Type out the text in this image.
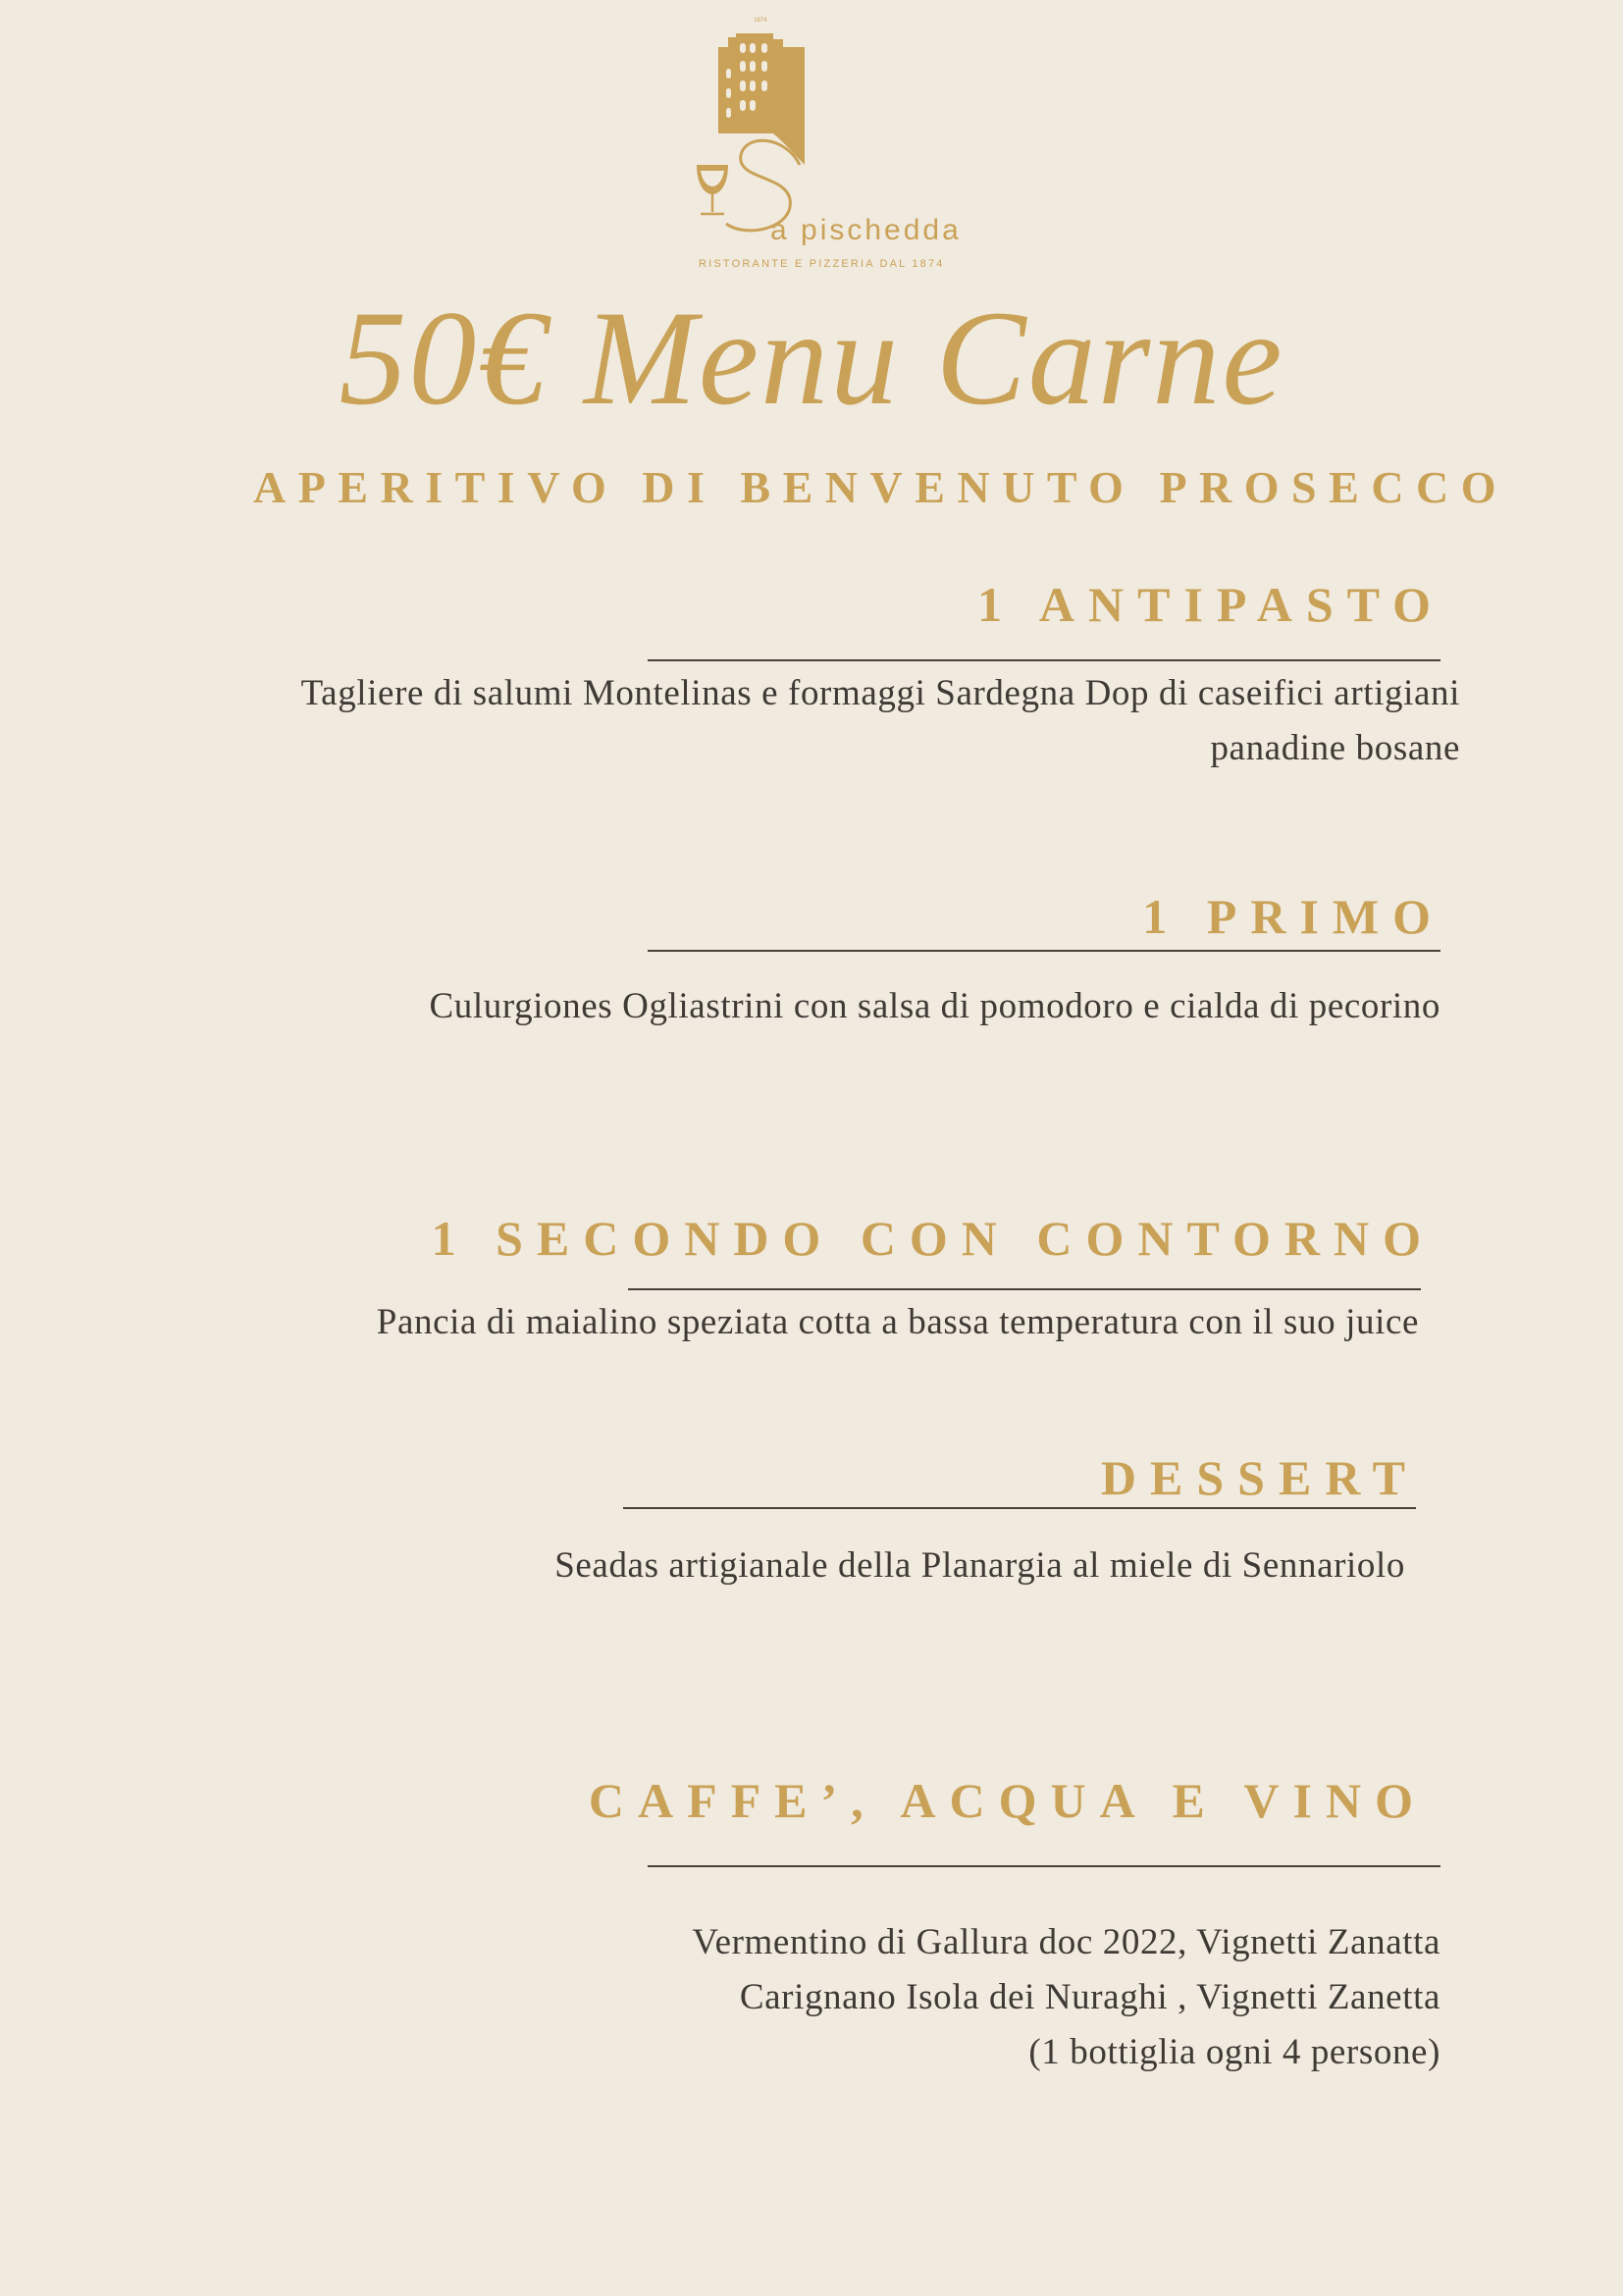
1874
a pischedda
RISTORANTE E PIZZERIA DAL 1874
50€ Menu Carne
APERITIVO DI BENVENUTO PROSECCO
1 ANTIPASTO
Tagliere di salumi Montelinas e formaggi Sardegna Dop di caseifici artigiani
panadine bosane
1 PRIMO
Culurgiones Ogliastrini con salsa di pomodoro e cialda di pecorino
1 SECONDO CON CONTORNO
Pancia di maialino speziata cotta a bassa temperatura con il suo juice
DESSERT
Seadas artigianale della Planargia al miele di Sennariolo
CAFFE’, ACQUA E VINO
Vermentino di Gallura doc 2022, Vignetti Zanatta
Carignano Isola dei Nuraghi , Vignetti Zanetta
(1 bottiglia ogni 4 persone)
